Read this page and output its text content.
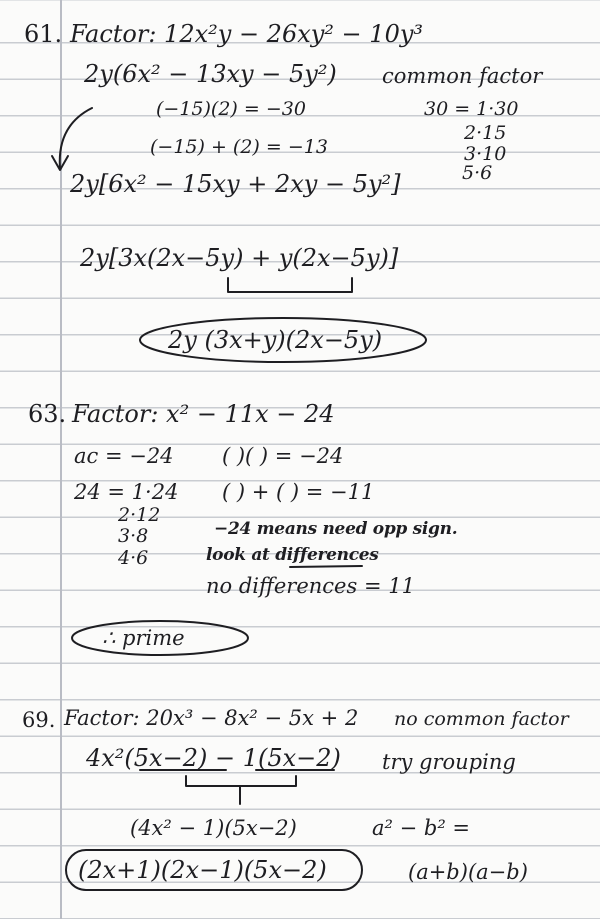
61. Factor: 12x²y − 26xy² − 10y³
2y(6x² − 13xy − 5y²) common factor
(−15)(2) = −30	30 = 1·30
(−15) + (2) = −13
2·15
3·10
5·6
2y[6x² − 15xy + 2xy − 5y²]
2y[3x(2x−5y) + y(2x−5y)]
2y (3x+y)(2x−5y)
63. Factor: x² − 11x − 24
ac = −24 ( )( ) = −24
24 = 1·24 ( ) + ( ) = −11
2·12
3·8
4·6
−24 means need opp sign.
look at differences
no differences = 11
∴ prime
69. Factor: 20x³ − 8x² − 5x + 2 no common factor
4x²(5x−2) − 1(5x−2) try grouping
(4x² − 1)(5x−2)	a² − b² =
(2x+1)(2x−1)(5x−2)	(a+b)(a−b)
